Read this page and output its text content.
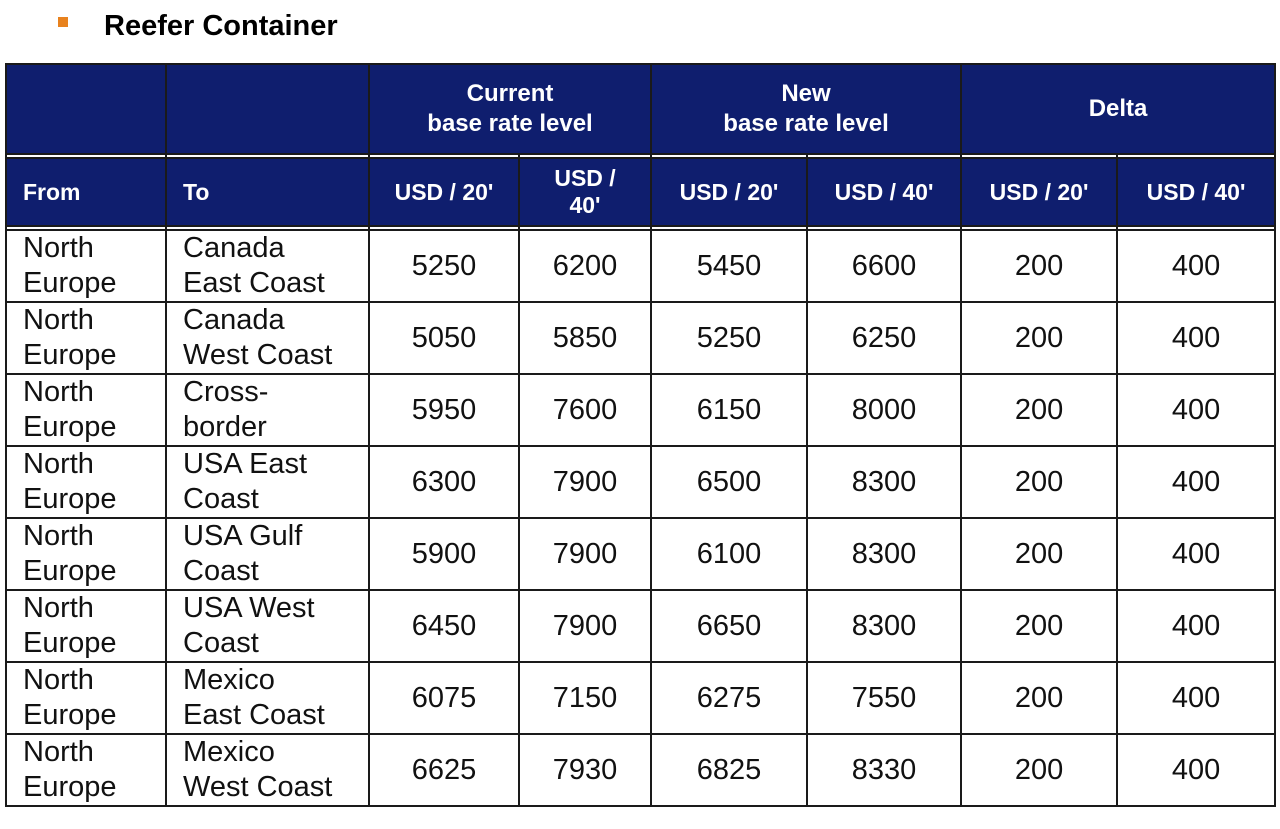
Reefer Container
		Current
base rate level		New
base rate level		Delta	

From	To	USD / 20'	USD /
40'	USD / 20'	USD / 40'	USD / 20'	USD / 40'

North
Europe	Canada
East Coast	5250	6200	5450	6600	200	400
North
Europe	Canada
West Coast	5050	5850	5250	6250	200	400
North
Europe	Cross-
border	5950	7600	6150	8000	200	400
North
Europe	USA East
Coast	6300	7900	6500	8300	200	400
North
Europe	USA Gulf
Coast	5900	7900	6100	8300	200	400
North
Europe	USA West
Coast	6450	7900	6650	8300	200	400
North
Europe	Mexico
East Coast	6075	7150	6275	7550	200	400
North
Europe	Mexico
West Coast	6625	7930	6825	8330	200	400
